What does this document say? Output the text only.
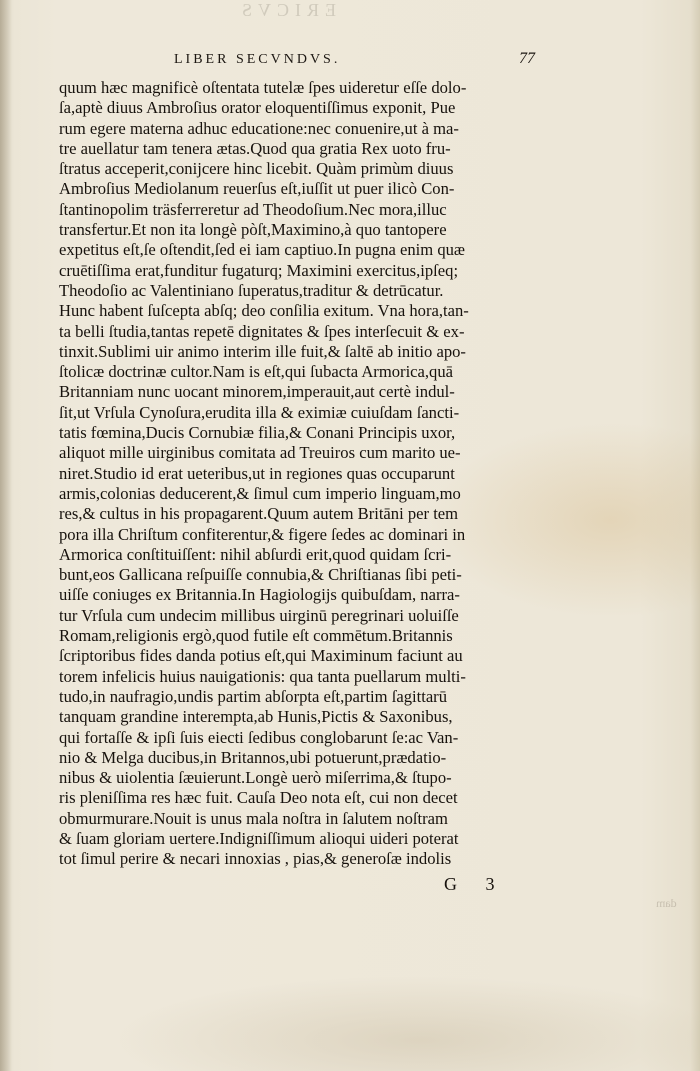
ERICVS
dam
LIBER SECVNDVS.	77
quum hæc magnificè oſtentata tutelæ ſpes uideretur eſſe dolo-
ſa,aptè diuus Ambroſius orator eloquentiſſimus exponit, Pue
rum egere materna adhuc educatione:nec conuenire,ut à ma-
tre auellatur tam tenera ætas.Quod qua gratia Rex uoto fru-
ſtratus acceperit,conijcere hinc licebit. Quàm primùm diuus
Ambroſius Mediolanum reuerſus eſt,iuſſit ut puer ilicò Con-
ſtantinopolim träsferreretur ad Theodoſium.Nec mora,illuc
transfertur.Et non ita longè pòſt,Maximino,à quo tantopere
expetitus eſt,ſe oſtendit,ſed ei iam captiuo.In pugna enim quæ
cruētiſſima erat,funditur fugaturq; Maximini exercitus,ipſeq;
Theodoſio ac Valentiniano ſuperatus,traditur & detrūcatur.
Hunc habent ſuſcepta abſq; deo conſilia exitum. Vna hora,tan-
ta belli ſtudia,tantas repetē dignitates & ſpes interſecuit & ex-
tinxit.Sublimi uir animo interim ille fuit,& ſaltē ab initio apo-
ſtolicæ doctrinæ cultor.Nam is eſt,qui ſubacta Armorica,quā
Britanniam nunc uocant minorem,imperauit,aut certè indul-
ſit,ut Vrſula Cynoſura,erudita illa & eximiæ cuiuſdam ſancti-
tatis fœmina,Ducis Cornubiæ filia,& Conani Principis uxor,
aliquot mille uirginibus comitata ad Treuiros cum marito ue-
niret.Studio id erat ueteribus,ut in regiones quas occuparunt
armis,colonias deducerent,& ſimul cum imperio linguam,mo
res,& cultus in his propagarent.Quum autem Britāni per tem
pora illa Chriſtum confiterentur,& figere ſedes ac dominari in
Armorica conſtituiſſent: nihil abſurdi erit,quod quidam ſcri-
bunt,eos Gallicana reſpuiſſe connubia,& Chriſtianas ſibi peti-
uiſſe coniuges ex Britannia.In Hagiologijs quibuſdam, narra-
tur Vrſula cum undecim millibus uirginū peregrinari uoluiſſe
Romam,religionis ergò,quod futile eſt commētum.Britannis
ſcriptoribus fides danda potius eſt,qui Maximinum faciunt au
torem infelicis huius nauigationis: qua tanta puellarum multi-
tudo,in naufragio,undis partim abſorpta eſt,partim ſagittarū
tanquam grandine interempta,ab Hunis,Pictis & Saxonibus,
qui fortaſſe & ipſi ſuis eiecti ſedibus conglobarunt ſe:ac Van-
nio & Melga ducibus,in Britannos,ubi potuerunt,prædatio-
nibus & uiolentia ſæuierunt.Longè uerò miſerrima,& ſtupo-
ris pleniſſima res hæc fuit. Cauſa Deo nota eſt, cui non decet
obmurmurare.Nouit is unus mala noſtra in ſalutem noſtram
& ſuam gloriam uertere.Indigniſſimum alioqui uideri poterat
tot ſimul perire & necari innoxias , pias,& generoſæ indolis
G 3
